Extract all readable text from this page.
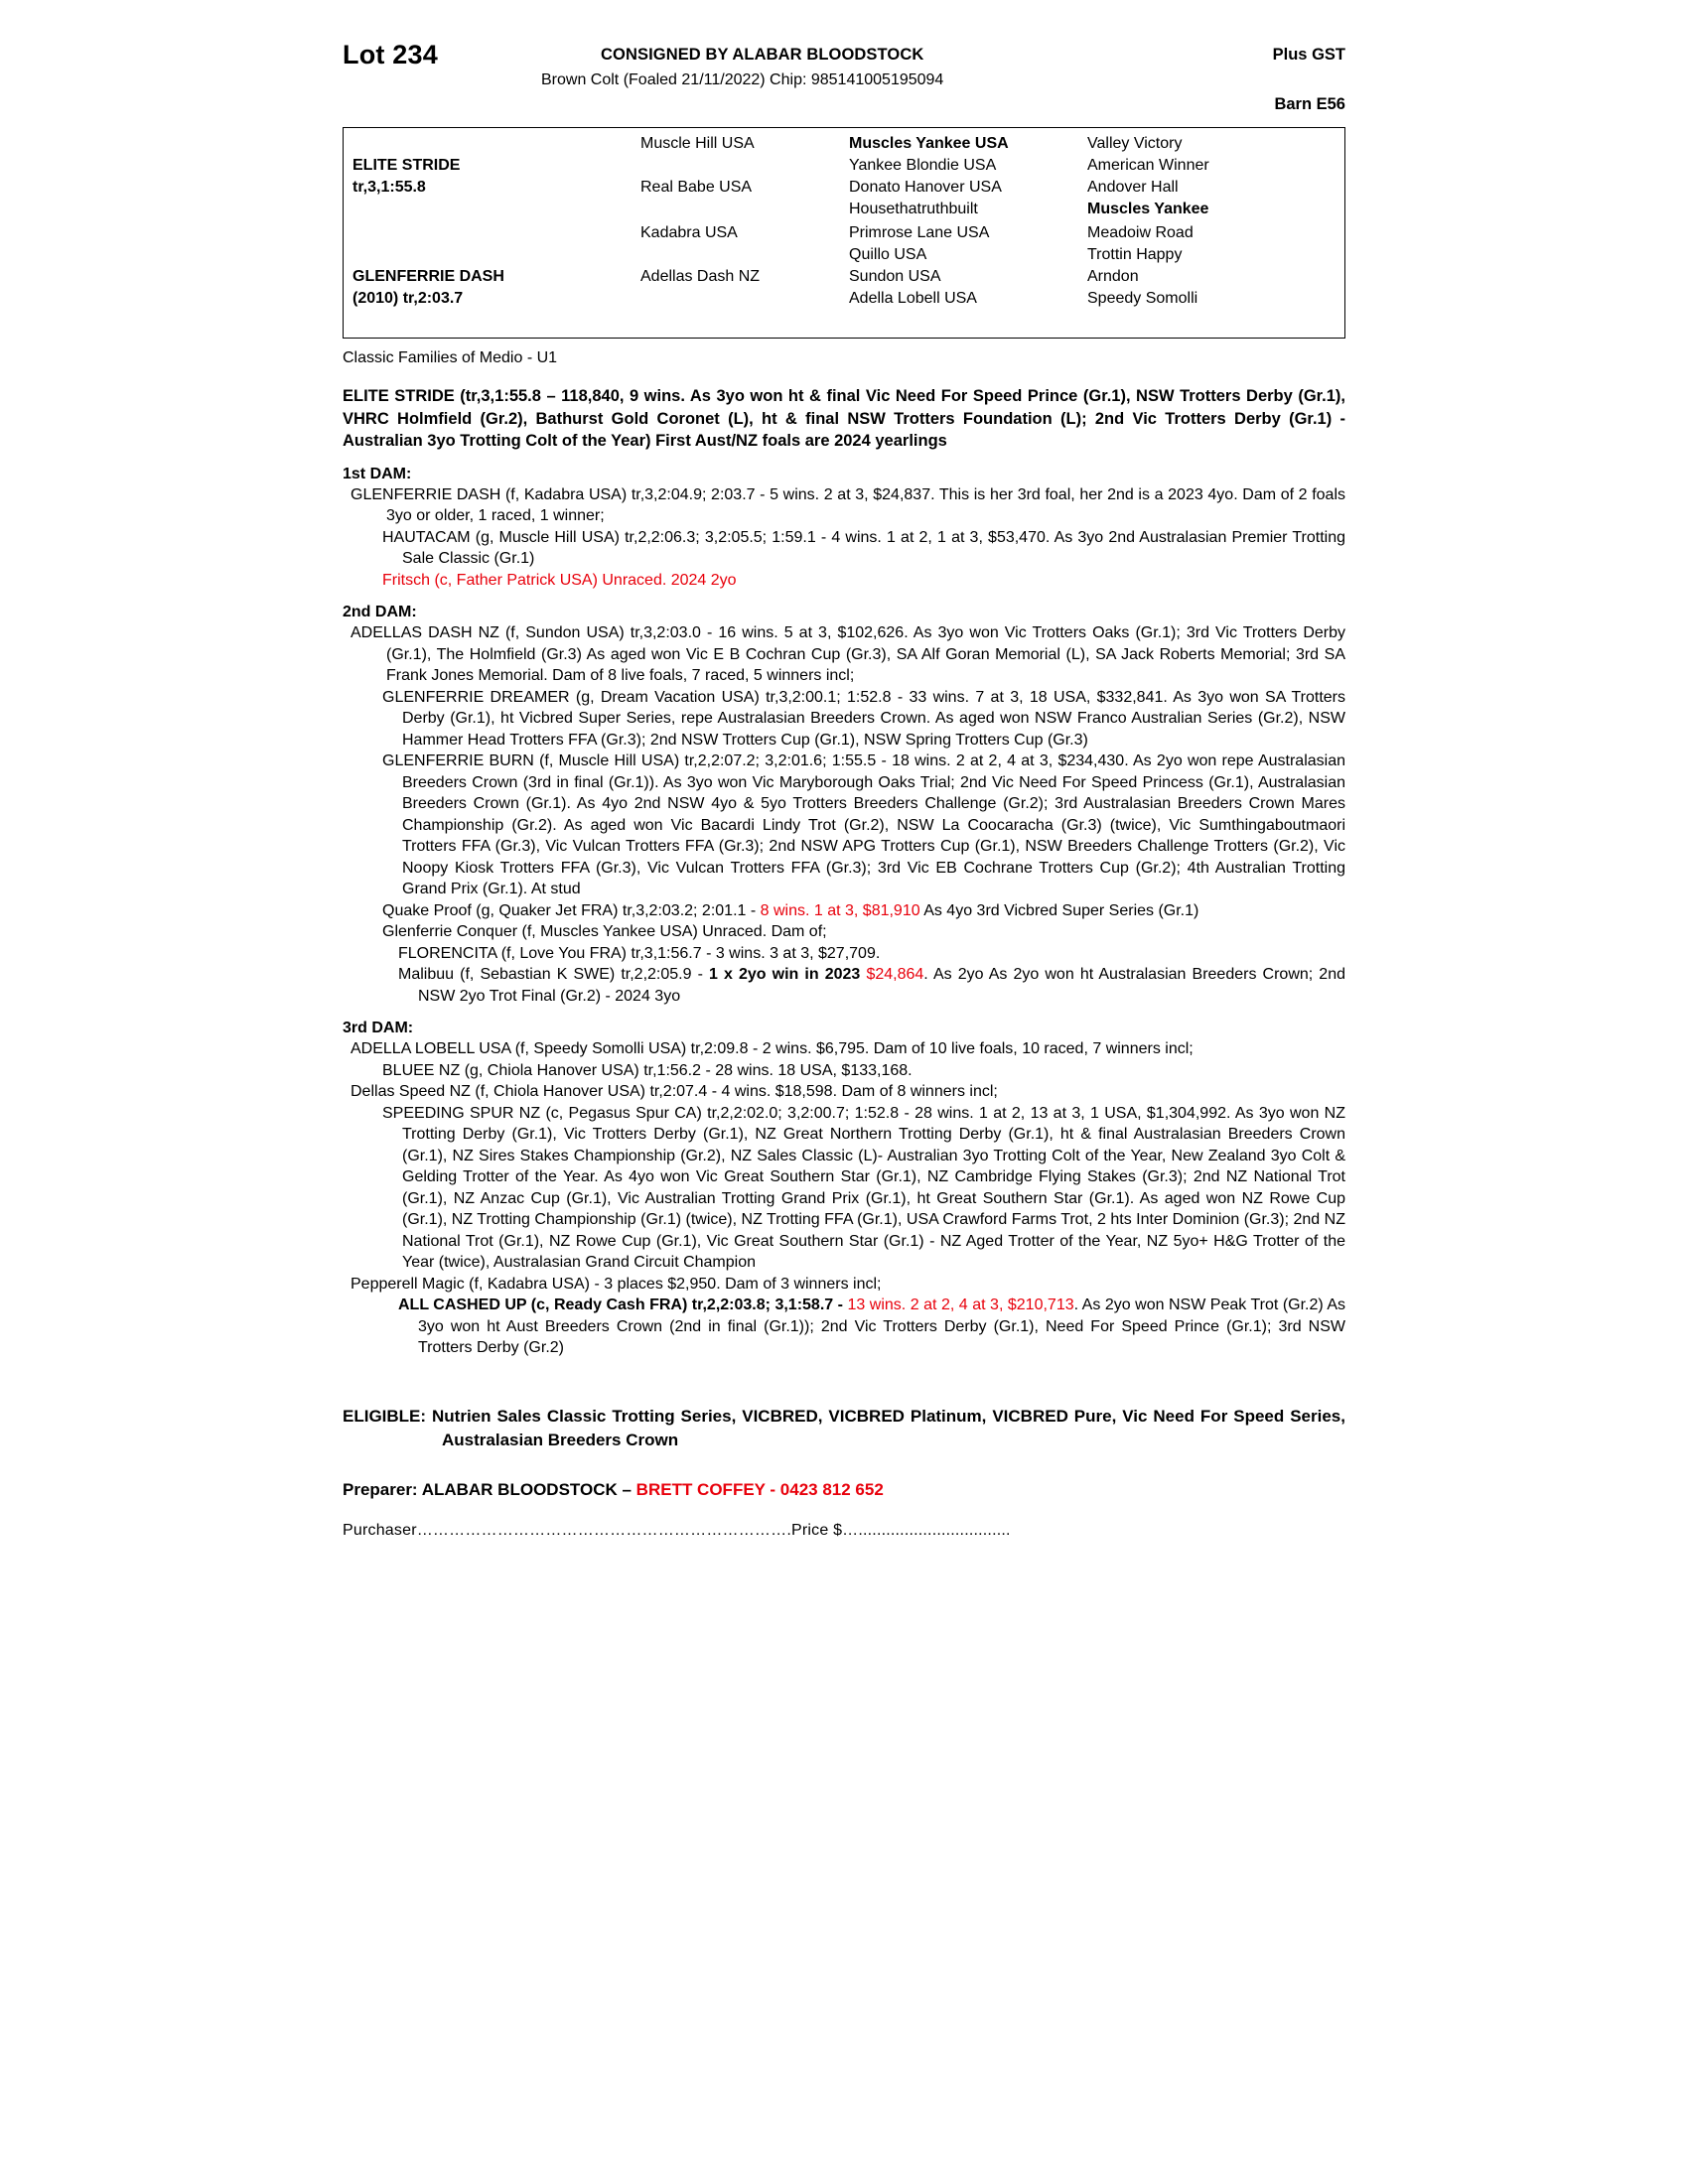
Lot 234	CONSIGNED BY ALABAR BLOODSTOCK	Plus GST
Brown Colt (Foaled 21/11/2022) Chip: 985141005195094
Barn E56
ELITE STRIDE
tr,3,1:55.8
GLENFERRIE DASH
(2010) tr,2:03.7
Muscle Hill USA
Real Babe USA
Kadabra USA
Adellas Dash NZ
Muscles Yankee USA
Yankee Blondie USA
Donato Hanover USA
Housethatruthbuilt
Primrose Lane USA
Quillo USA
Sundon USA
Adella Lobell USA
Valley Victory
American Winner
Andover Hall
Muscles Yankee
Meadoiw Road
Trottin Happy
Arndon
Speedy Somolli
Classic Families of Medio - U1
ELITE STRIDE (tr,3,1:55.8 – 118,840, 9 wins. As 3yo won ht & final Vic Need For Speed Prince (Gr.1), NSW Trotters Derby (Gr.1), VHRC Holmfield (Gr.2), Bathurst Gold Coronet (L), ht & final NSW Trotters Foundation (L); 2nd Vic Trotters Derby (Gr.1) - Australian 3yo Trotting Colt of the Year) First Aust/NZ foals are 2024 yearlings
1st DAM:
GLENFERRIE DASH (f, Kadabra USA) tr,3,2:04.9; 2:03.7 - 5 wins. 2 at 3, $24,837. This is her 3rd foal, her 2nd is a 2023 4yo. Dam of 2 foals 3yo or older, 1 raced, 1 winner;
HAUTACAM (g, Muscle Hill USA) tr,2,2:06.3; 3,2:05.5; 1:59.1 - 4 wins. 1 at 2, 1 at 3, $53,470. As 3yo 2nd Australasian Premier Trotting Sale Classic (Gr.1)
Fritsch (c, Father Patrick USA) Unraced. 2024 2yo
2nd DAM:
ADELLAS DASH NZ (f, Sundon USA) tr,3,2:03.0 - 16 wins. 5 at 3, $102,626. As 3yo won Vic Trotters Oaks (Gr.1); 3rd Vic Trotters Derby (Gr.1), The Holmfield (Gr.3) As aged won Vic E B Cochran Cup (Gr.3), SA Alf Goran Memorial (L), SA Jack Roberts Memorial; 3rd SA Frank Jones Memorial. Dam of 8 live foals, 7 raced, 5 winners incl;
GLENFERRIE DREAMER (g, Dream Vacation USA) tr,3,2:00.1; 1:52.8 - 33 wins. 7 at 3, 18 USA, $332,841. As 3yo won SA Trotters Derby (Gr.1), ht Vicbred Super Series, repe Australasian Breeders Crown. As aged won NSW Franco Australian Series (Gr.2), NSW Hammer Head Trotters FFA (Gr.3); 2nd NSW Trotters Cup (Gr.1), NSW Spring Trotters Cup (Gr.3)
GLENFERRIE BURN (f, Muscle Hill USA) tr,2,2:07.2; 3,2:01.6; 1:55.5 - 18 wins. 2 at 2, 4 at 3, $234,430. As 2yo won repe Australasian Breeders Crown (3rd in final (Gr.1)). As 3yo won Vic Maryborough Oaks Trial; 2nd Vic Need For Speed Princess (Gr.1), Australasian Breeders Crown (Gr.1). As 4yo 2nd NSW 4yo & 5yo Trotters Breeders Challenge (Gr.2); 3rd Australasian Breeders Crown Mares Championship (Gr.2). As aged won Vic Bacardi Lindy Trot (Gr.2), NSW La Coocaracha (Gr.3) (twice), Vic Sumthingaboutmaori Trotters FFA (Gr.3), Vic Vulcan Trotters FFA (Gr.3); 2nd NSW APG Trotters Cup (Gr.1), NSW Breeders Challenge Trotters (Gr.2), Vic Noopy Kiosk Trotters FFA (Gr.3), Vic Vulcan Trotters FFA (Gr.3); 3rd Vic EB Cochrane Trotters Cup (Gr.2); 4th Australian Trotting Grand Prix (Gr.1). At stud
Quake Proof (g, Quaker Jet FRA) tr,3,2:03.2; 2:01.1 - 8 wins. 1 at 3, $81,910 As 4yo 3rd Vicbred Super Series (Gr.1)
Glenferrie Conquer (f, Muscles Yankee USA) Unraced. Dam of;
FLORENCITA (f, Love You FRA) tr,3,1:56.7 - 3 wins. 3 at 3, $27,709.
Malibuu (f, Sebastian K SWE) tr,2,2:05.9 - 1 x 2yo win in 2023 $24,864. As 2yo As 2yo won ht Australasian Breeders Crown; 2nd NSW 2yo Trot Final (Gr.2) - 2024 3yo
3rd DAM:
ADELLA LOBELL USA (f, Speedy Somolli USA) tr,2:09.8 - 2 wins. $6,795. Dam of 10 live foals, 10 raced, 7 winners incl;
BLUEE NZ (g, Chiola Hanover USA) tr,1:56.2 - 28 wins. 18 USA, $133,168.
Dellas Speed NZ (f, Chiola Hanover USA) tr,2:07.4 - 4 wins. $18,598. Dam of 8 winners incl;
SPEEDING SPUR NZ (c, Pegasus Spur CA) tr,2,2:02.0; 3,2:00.7; 1:52.8 - 28 wins. 1 at 2, 13 at 3, 1 USA, $1,304,992. As 3yo won NZ Trotting Derby (Gr.1), Vic Trotters Derby (Gr.1), NZ Great Northern Trotting Derby (Gr.1), ht & final Australasian Breeders Crown (Gr.1), NZ Sires Stakes Championship (Gr.2), NZ Sales Classic (L)- Australian 3yo Trotting Colt of the Year, New Zealand 3yo Colt & Gelding Trotter of the Year. As 4yo won Vic Great Southern Star (Gr.1), NZ Cambridge Flying Stakes (Gr.3); 2nd NZ National Trot (Gr.1), NZ Anzac Cup (Gr.1), Vic Australian Trotting Grand Prix (Gr.1), ht Great Southern Star (Gr.1). As aged won NZ Rowe Cup (Gr.1), NZ Trotting Championship (Gr.1) (twice), NZ Trotting FFA (Gr.1), USA Crawford Farms Trot, 2 hts Inter Dominion (Gr.3); 2nd NZ National Trot (Gr.1), NZ Rowe Cup (Gr.1), Vic Great Southern Star (Gr.1) - NZ Aged Trotter of the Year, NZ 5yo+ H&G Trotter of the Year (twice), Australasian Grand Circuit Champion
Pepperell Magic (f, Kadabra USA) - 3 places $2,950. Dam of 3 winners incl;
ALL CASHED UP (c, Ready Cash FRA) tr,2,2:03.8; 3,1:58.7 - 13 wins. 2 at 2, 4 at 3, $210,713. As 2yo won NSW Peak Trot (Gr.2) As 3yo won ht Aust Breeders Crown (2nd in final (Gr.1)); 2nd Vic Trotters Derby (Gr.1), Need For Speed Prince (Gr.1); 3rd NSW Trotters Derby (Gr.2)
ELIGIBLE: Nutrien Sales Classic Trotting Series, VICBRED, VICBRED Platinum, VICBRED Pure, Vic Need For Speed Series, Australasian Breeders Crown
Preparer: ALABAR BLOODSTOCK – BRETT COFFEY - 0423 812 652
Purchaser…………………………………………………………….Price $….................................
